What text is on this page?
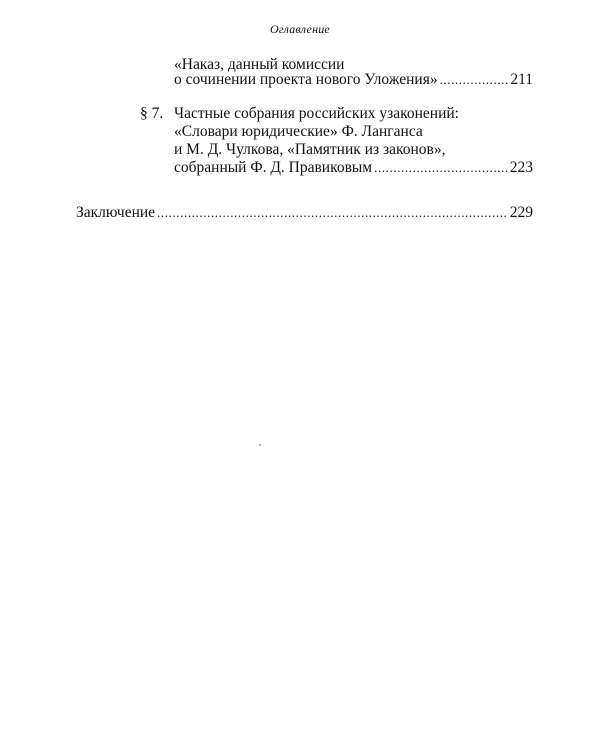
Оглавление
«Наказ, данный комиссии
о сочинении проекта нового Уложения» .....	211
§ 7. Частные собрания российских узаконений:
«Словари юридические» Ф. Ланганса
и М. Д. Чулкова, «Памятник из законов»,
собранный Ф. Д. Правиковым .....	223
Заключение .....	229
